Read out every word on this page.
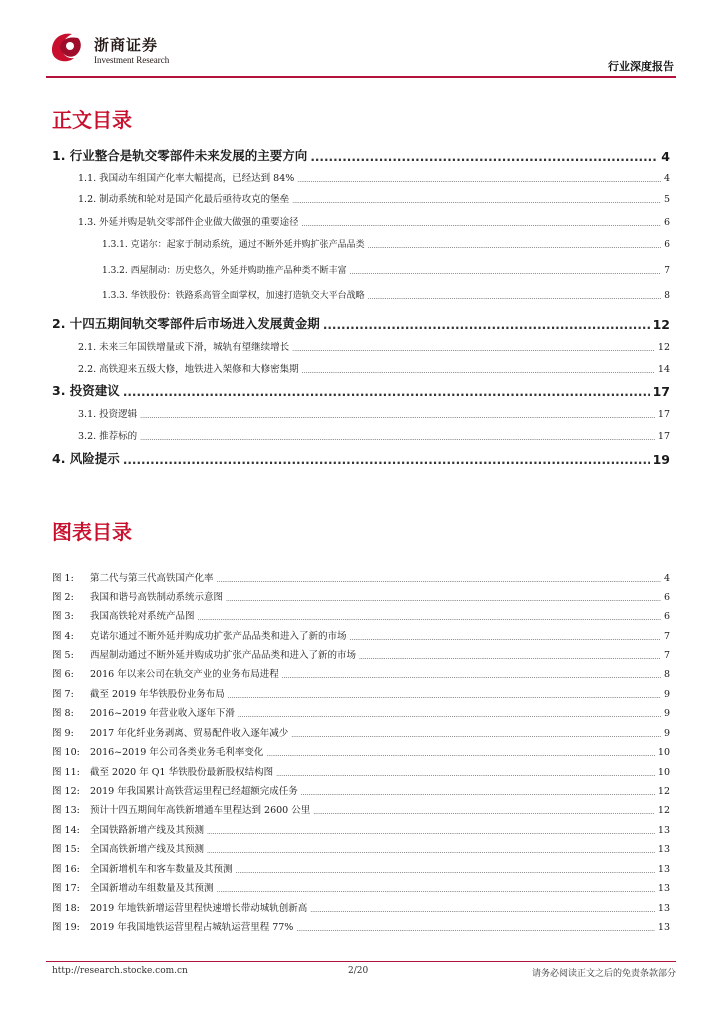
浙商证券
Investment Research	行业深度报告
正文目录
1. 行业整合是轨交零部件未来发展的主要方向 .....	4
1.1. 我国动车组国产化率大幅提高，已经达到 84% .....	4
1.2. 制动系统和轮对是国产化最后亟待攻克的堡垒 .....	5
1.3. 外延并购是轨交零部件企业做大做强的重要途径 .....	6
1.3.1. 克诺尔：起家于制动系统，通过不断外延并购扩张产品品类 .....	6
1.3.2. 西屋制动：历史悠久，外延并购助推产品种类不断丰富 .....	7
1.3.3. 华铁股份：铁路系高管全面掌权，加速打造轨交大平台战略 .....	8
2. 十四五期间轨交零部件后市场进入发展黄金期 .....	12
2.1. 未来三年国铁增量或下滑，城轨有望继续增长 .....	12
2.2. 高铁迎来五级大修，地铁进入架修和大修密集期 .....	14
3. 投资建议 .....	17
3.1. 投资逻辑 .....	17
3.2. 推荐标的 .....	17
4. 风险提示 .....	19
图表目录
图 1:	第二代与第三代高铁国产化率 .....	4
图 2:	我国和谐号高铁制动系统示意图 .....	6
图 3:	我国高铁轮对系统产品图 .....	6
图 4:	克诺尔通过不断外延并购成功扩张产品品类和进入了新的市场 .....	7
图 5:	西屋制动通过不断外延并购成功扩张产品品类和进入了新的市场 .....	7
图 6:	2016 年以来公司在轨交产业的业务布局进程 .....	8
图 7:	截至 2019 年华铁股份业务布局 .....	9
图 8:	2016~2019 年营业收入逐年下滑 .....	9
图 9:	2017 年化纤业务剥离、贸易配件收入逐年减少 .....	9
图 10:	2016~2019 年公司各类业务毛利率变化 .....	10
图 11:	截至 2020 年 Q1 华铁股份最新股权结构图 .....	10
图 12:	2019 年我国累计高铁营运里程已经超额完成任务 .....	12
图 13:	预计十四五期间年高铁新增通车里程达到 2600 公里 .....	12
图 14:	全国铁路新增产线及其预测 .....	13
图 15:	全国高铁新增产线及其预测 .....	13
图 16:	全国新增机车和客车数量及其预测 .....	13
图 17:	全国新增动车组数量及其预测 .....	13
图 18:	2019 年地铁新增运营里程快速增长带动城轨创新高 .....	13
图 19:	2019 年我国地铁运营里程占城轨运营里程 77% .....	13
http://research.stocke.com.cn	2/20	请务必阅读正文之后的免责条款部分
